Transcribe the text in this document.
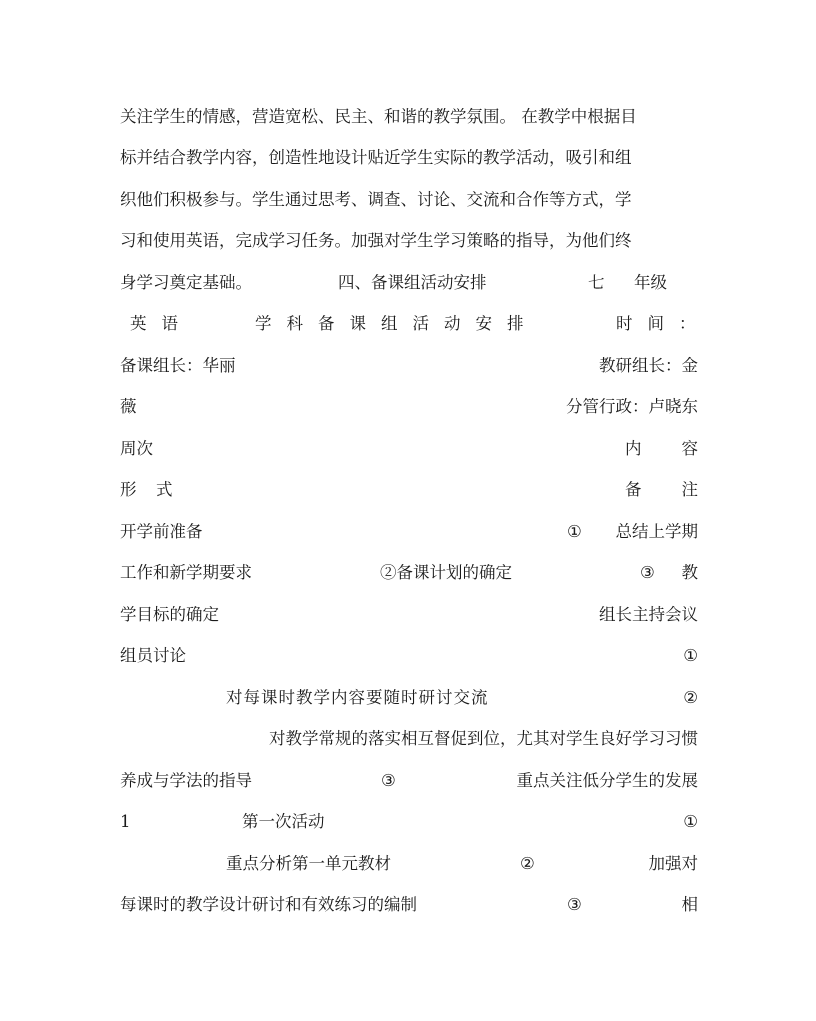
关注学生的情感，营造宽松、民主、和谐的教学氛围。 在教学中根据目
标并结合教学内容，创造性地设计贴近学生实际的教学活动，吸引和组
织他们积极参与。学生通过思考、调查、讨论、交流和合作等方式，学
习和使用英语，完成学习任务。加强对学生学习策略的指导，为他们终
身学习奠定基础。	四、备课组活动安排	七 年级
英语	学科备课组活动安排	时间：
备课组长：华丽	教研组长：金
薇	分管行政：卢晓东
周次	内 容
形 式	备 注
开学前准备	① 总结上学期
工作和新学期要求	②备课计划的确定	③ 教
学目标的确定	组长主持会议
组员讨论	①
对每课时教学内容要随时研讨交流	②
对教学常规的落实相互督促到位，尤其对学生良好学习习惯
养成与学法的指导	③	重点关注低分学生的发展
1	第一次活动	①
重点分析第一单元教材	②	加强对
每课时的教学设计研讨和有效练习的编制	③	相
